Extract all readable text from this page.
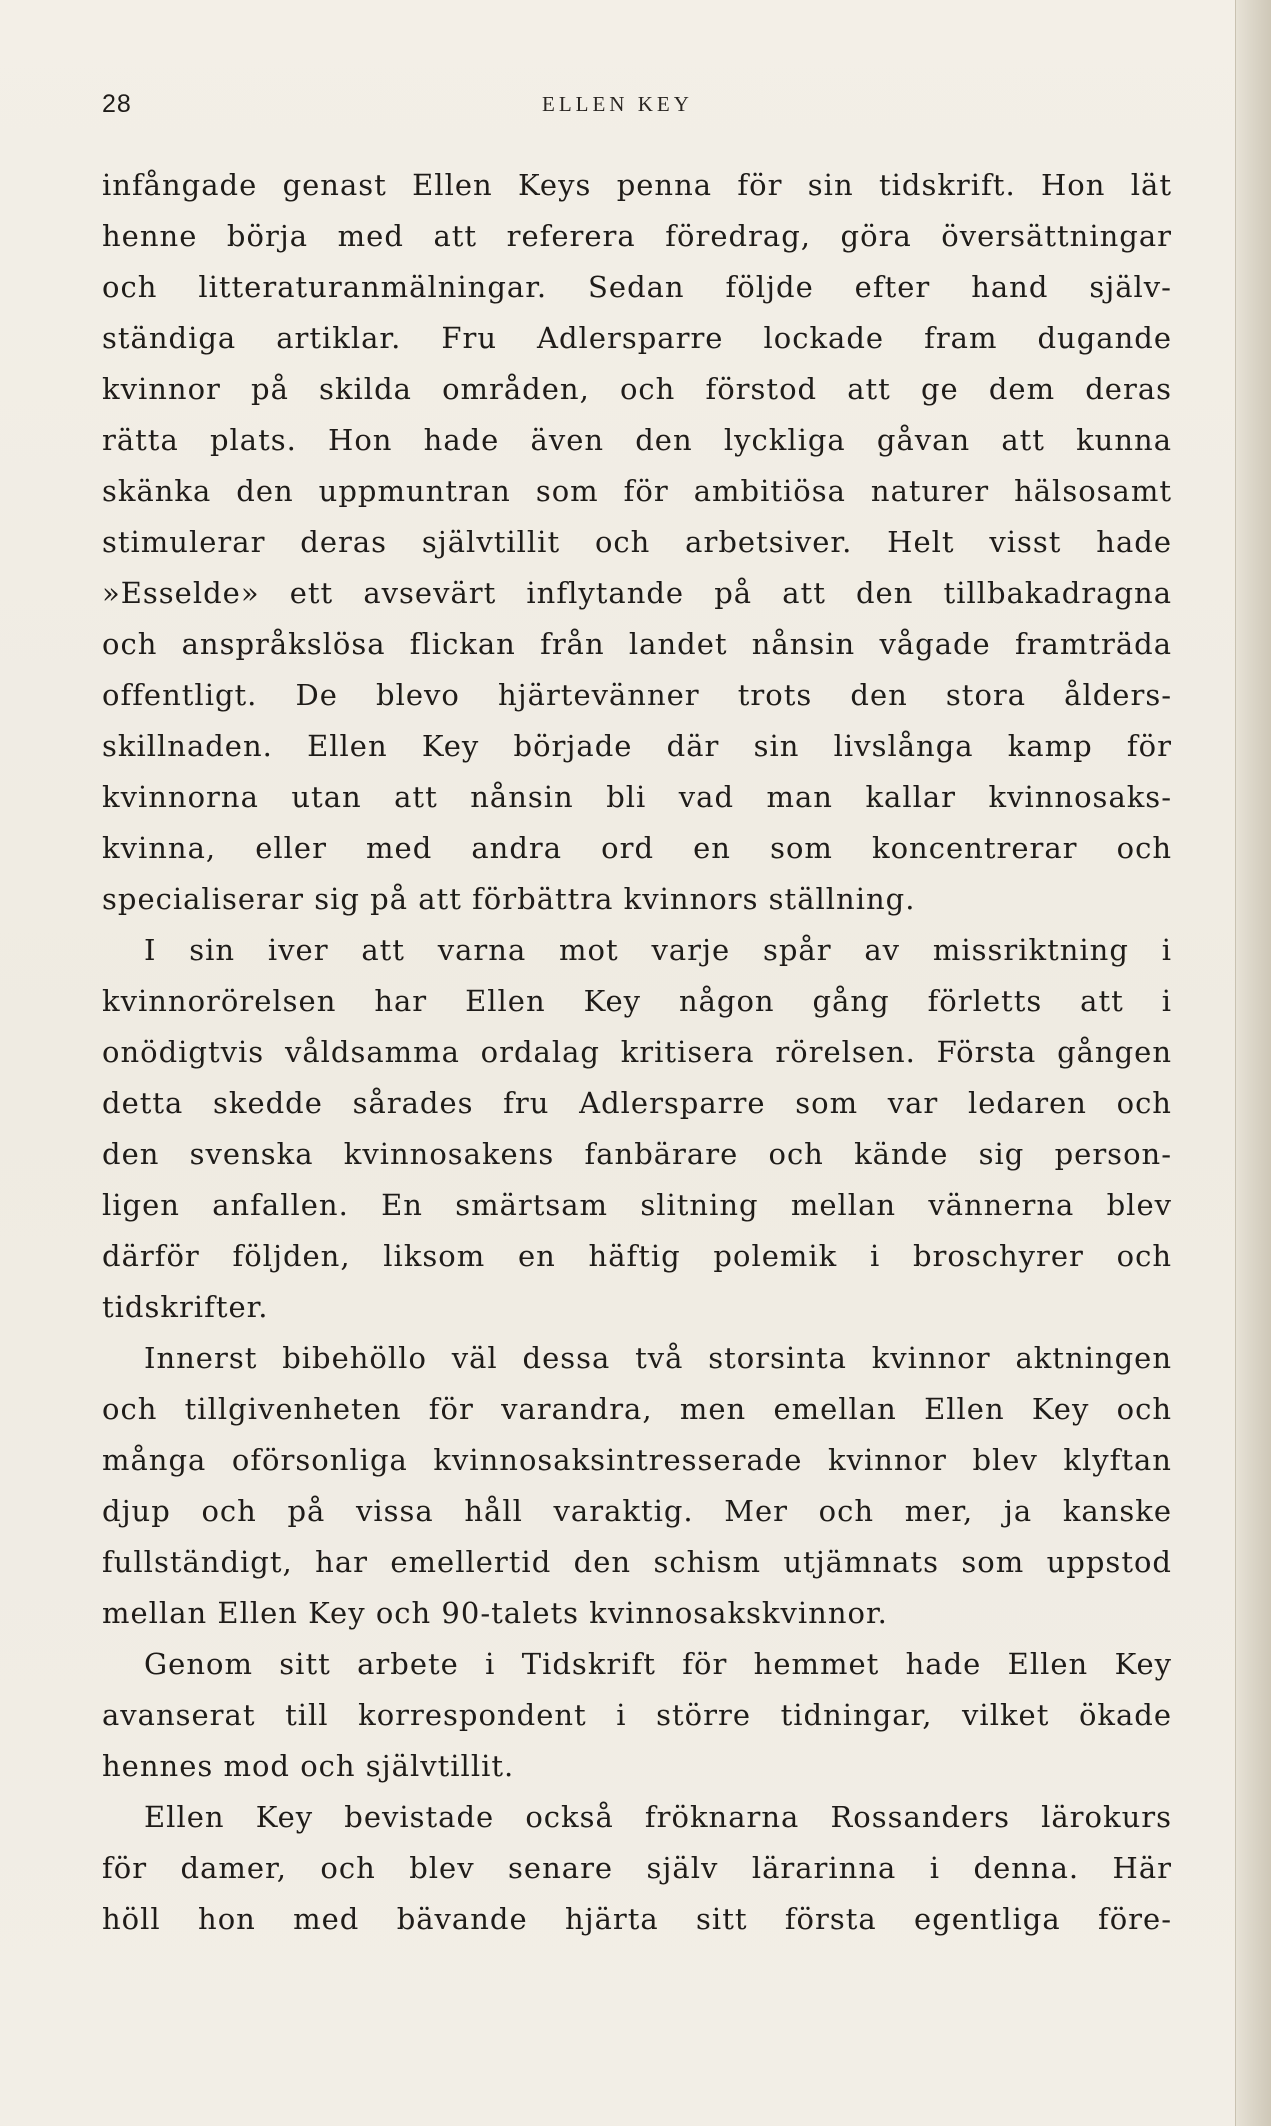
28	ELLEN KEY
infångade genast Ellen Keys penna för sin tidskrift. Hon lät
henne börja med att referera föredrag, göra översättningar
och litteraturanmälningar. Sedan följde efter hand själv-
ständiga artiklar. Fru Adlersparre lockade fram dugande
kvinnor på skilda områden, och förstod att ge dem deras
rätta plats. Hon hade även den lyckliga gåvan att kunna
skänka den uppmuntran som för ambitiösa naturer hälsosamt
stimulerar deras självtillit och arbetsiver. Helt visst hade
»Esselde» ett avsevärt inflytande på att den tillbakadragna
och anspråkslösa flickan från landet nånsin vågade framträda
offentligt. De blevo hjärtevänner trots den stora ålders-
skillnaden. Ellen Key började där sin livslånga kamp för
kvinnorna utan att nånsin bli vad man kallar kvinnosaks-
kvinna, eller med andra ord en som koncentrerar och
specialiserar sig på att förbättra kvinnors ställning.
I sin iver att varna mot varje spår av missriktning i
kvinnorörelsen har Ellen Key någon gång förletts att i
onödigtvis våldsamma ordalag kritisera rörelsen. Första gången
detta skedde sårades fru Adlersparre som var ledaren och
den svenska kvinnosakens fanbärare och kände sig person-
ligen anfallen. En smärtsam slitning mellan vännerna blev
därför följden, liksom en häftig polemik i broschyrer och
tidskrifter.
Innerst bibehöllo väl dessa två storsinta kvinnor aktningen
och tillgivenheten för varandra, men emellan Ellen Key och
många oförsonliga kvinnosaksintresserade kvinnor blev klyftan
djup och på vissa håll varaktig. Mer och mer, ja kanske
fullständigt, har emellertid den schism utjämnats som uppstod
mellan Ellen Key och 90-talets kvinnosakskvinnor.
Genom sitt arbete i Tidskrift för hemmet hade Ellen Key
avanserat till korrespondent i större tidningar, vilket ökade
hennes mod och självtillit.
Ellen Key bevistade också fröknarna Rossanders lärokurs
för damer, och blev senare själv lärarinna i denna. Här
höll hon med bävande hjärta sitt första egentliga före-
